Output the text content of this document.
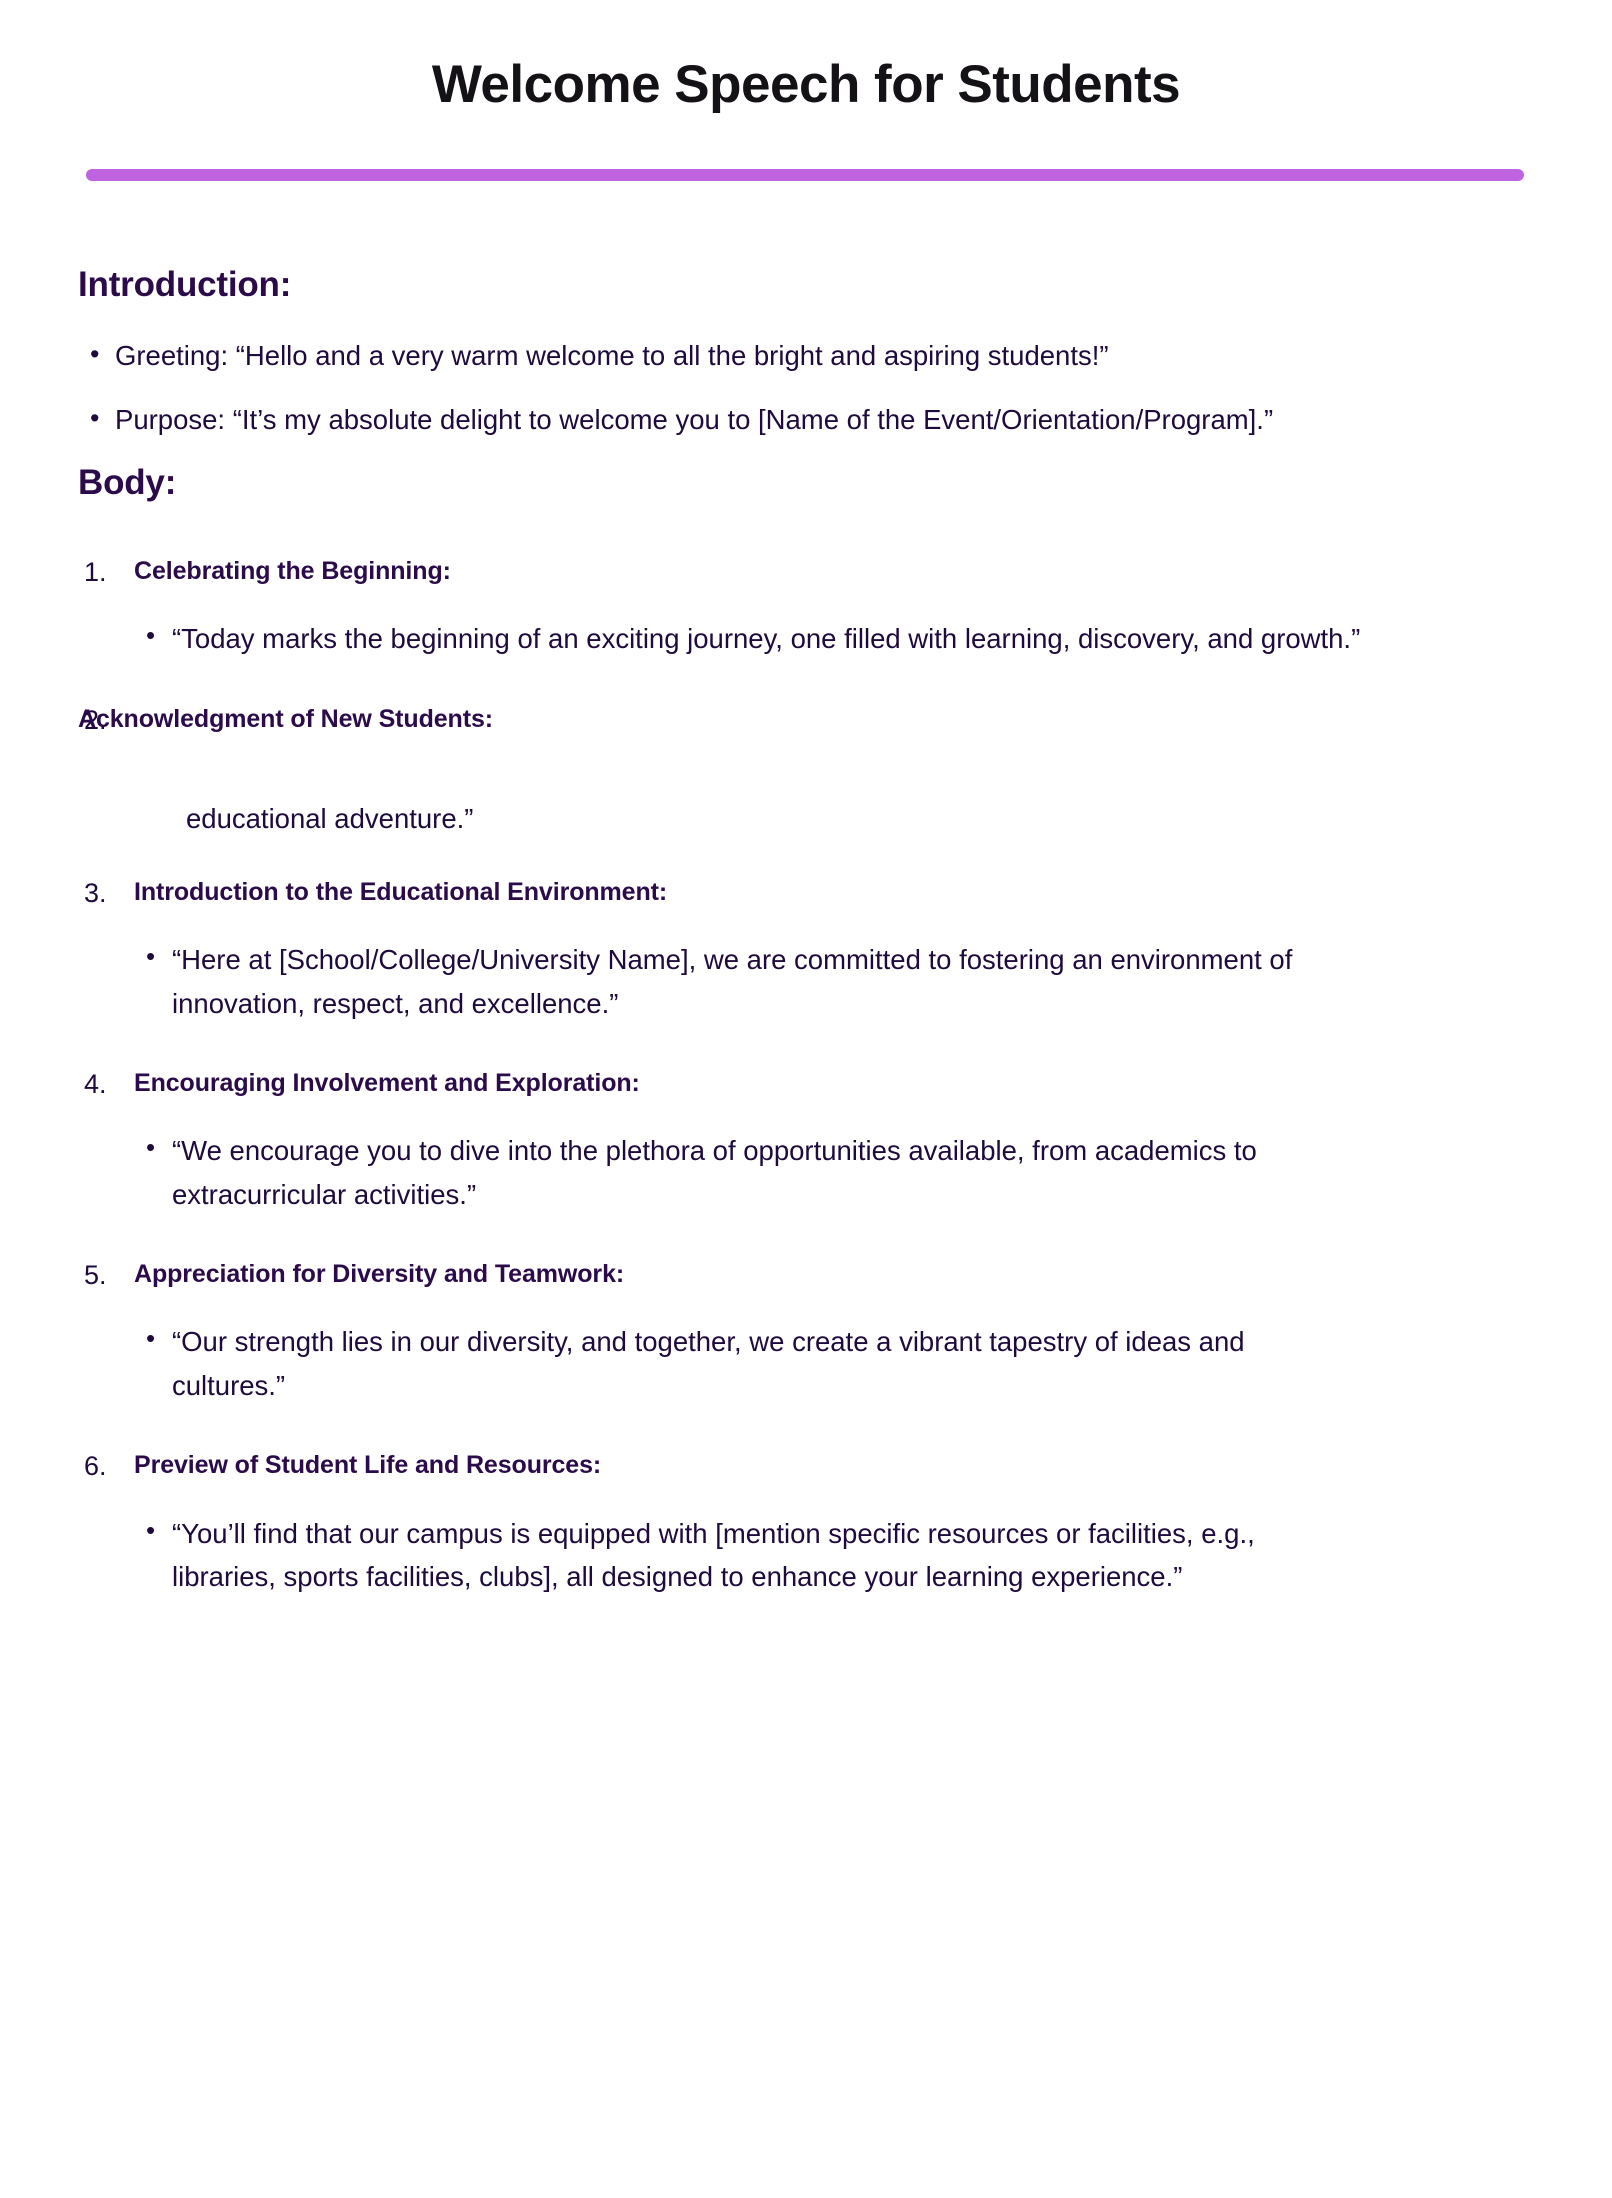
Welcome Speech for Students
Introduction:
• Greeting: “Hello and a very warm welcome to all the bright and aspiring students!”
• Purpose: “It’s my absolute delight to welcome you to [Name of the Event/Orientation/Program].”
Body:
Celebrating the Beginning:
• “Today marks the beginning of an exciting journey, one filled with learning, discovery, and growth.”
Acknowledgment of New Students:

educational adventure.”

Introduction to the Educational Environment:
• “Here at [School/College/University Name], we are committed to fostering an environment of innovation, respect, and excellence.”
Encouraging Involvement and Exploration:
• “We encourage you to dive into the plethora of opportunities available, from academics to extracurricular activities.”
Appreciation for Diversity and Teamwork:
• “Our strength lies in our diversity, and together, we create a vibrant tapestry of ideas and cultures.”
Preview of Student Life and Resources:
• “You’ll find that our campus is equipped with [mention specific resources or facilities, e.g., libraries, sports facilities, clubs], all designed to enhance your learning experience.”
